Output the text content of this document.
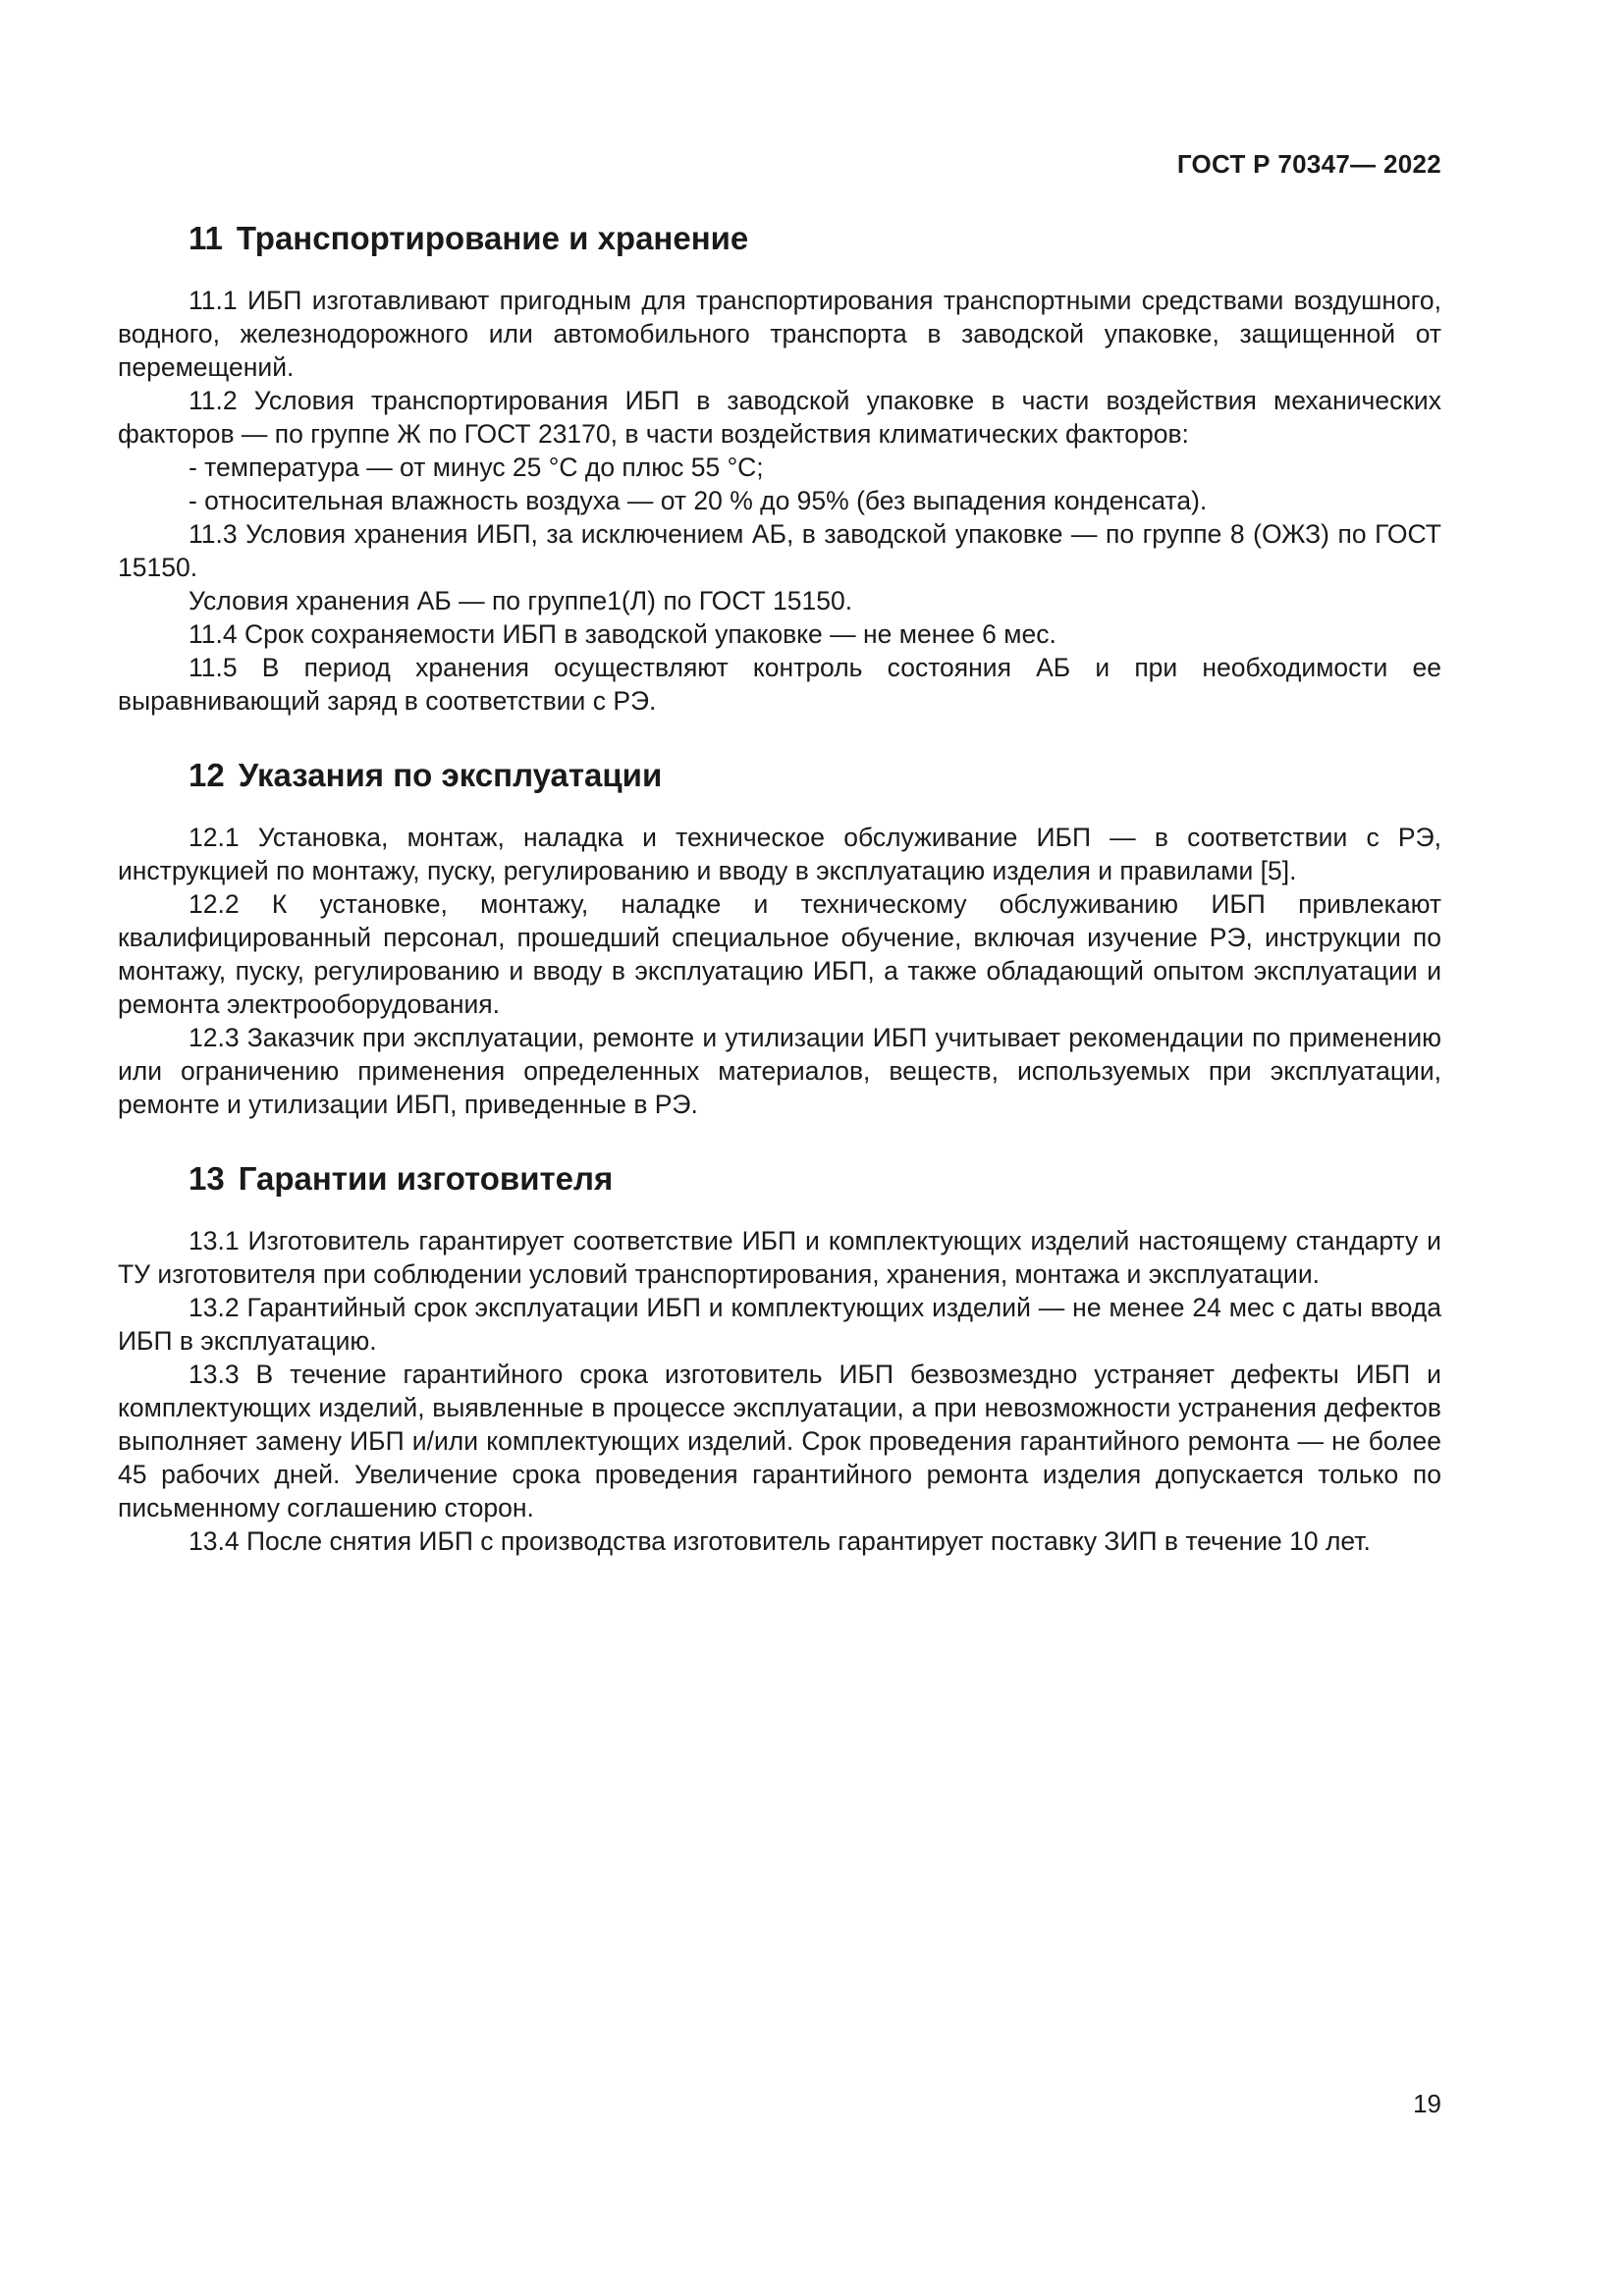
ГОСТ Р 70347— 2022
11 Транспортирование и хранение

11.1 ИБП изготавливают пригодным для транспортирования транспортными средствами воздушного, водного, железнодорожного или автомобильного транспорта в заводской упаковке, защищенной от перемещений.

11.2 Условия транспортирования ИБП в заводской упаковке в части воздействия механических факторов — по группе Ж по ГОСТ 23170, в части воздействия климатических факторов:

- температура — от минус 25 °С до плюс 55 °С;

- относительная влажность воздуха — от 20 % до 95% (без выпадения конденсата).

11.3 Условия хранения ИБП, за исключением АБ, в заводской упаковке — по группе 8 (ОЖЗ) по ГОСТ 15150.

Условия хранения АБ — по группе1(Л) по ГОСТ 15150.

11.4 Срок сохраняемости ИБП в заводской упаковке — не менее 6 мес.

11.5 В период хранения осуществляют контроль состояния АБ и при необходимости ее выравнивающий заряд в соответствии с РЭ.

12 Указания по эксплуатации

12.1 Установка, монтаж, наладка и техническое обслуживание ИБП — в соответствии с РЭ, инструкцией по монтажу, пуску, регулированию и вводу в эксплуатацию изделия и правилами [5].

12.2 К установке, монтажу, наладке и техническому обслуживанию ИБП привлекают квалифицированный персонал, прошедший специальное обучение, включая изучение РЭ, инструкции по монтажу, пуску, регулированию и вводу в эксплуатацию ИБП, а также обладающий опытом эксплуатации и ремонта электрооборудования.

12.3 Заказчик при эксплуатации, ремонте и утилизации ИБП учитывает рекомендации по применению или ограничению применения определенных материалов, веществ, используемых при эксплуатации, ремонте и утилизации ИБП, приведенные в РЭ.

13 Гарантии изготовителя

13.1 Изготовитель гарантирует соответствие ИБП и комплектующих изделий настоящему стандарту и ТУ изготовителя при соблюдении условий транспортирования, хранения, монтажа и эксплуатации.

13.2 Гарантийный срок эксплуатации ИБП и комплектующих изделий — не менее 24 мес с даты ввода ИБП в эксплуатацию.

13.3 В течение гарантийного срока изготовитель ИБП безвозмездно устраняет дефекты ИБП и комплектующих изделий, выявленные в процессе эксплуатации, а при невозможности устранения дефектов выполняет замену ИБП и/или комплектующих изделий. Срок проведения гарантийного ремонта — не более 45 рабочих дней. Увеличение срока проведения гарантийного ремонта изделия допускается только по письменному соглашению сторон.

13.4 После снятия ИБП с производства изготовитель гарантирует поставку ЗИП в течение 10 лет.

19
